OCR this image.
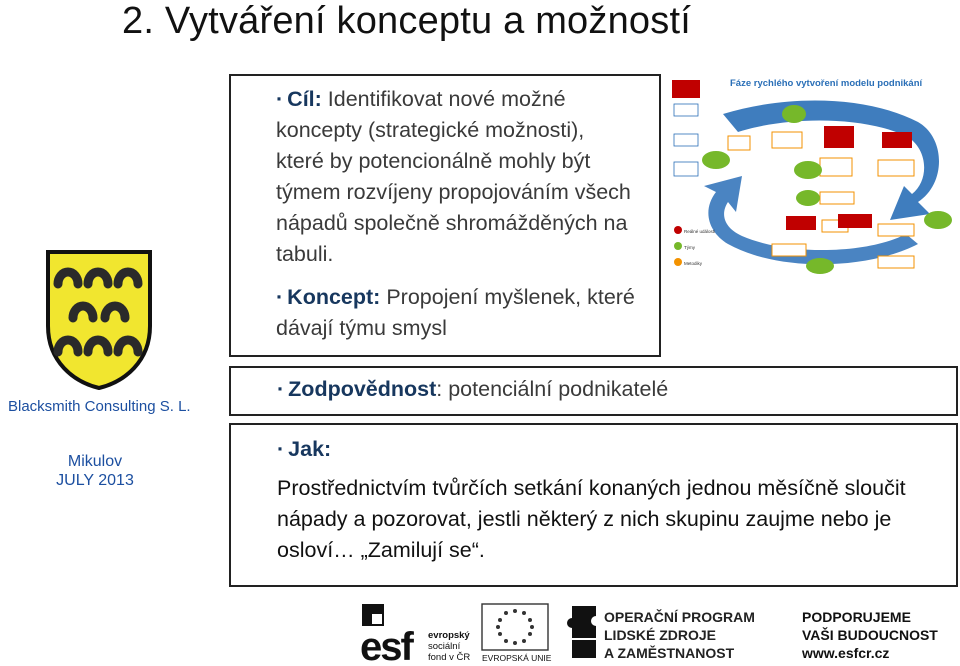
2. Vytváření konceptu a možností
Blacksmith Consulting S. L.
Mikulov
JULY 2013
· Cíl: Identifikovat nové možné koncepty (strategické možnosti), které by potencionálně mohly být týmem rozvíjeny propojováním všech nápadů společně shromážděných na tabuli.
· Koncept: Propojení myšlenek, které dávají týmu smysl
Fáze rychlého vytvoření modelu podnikání
Reálné události
Týmy
Metodiky
· Zodpovědnost: potenciální podnikatelé
· Jak:
Prostřednictvím tvůrčích setkání konaných jednou měsíčně sloučit nápady a pozorovat, jestli některý z nich skupinu zaujme nebo je osloví… „Zamilují se“.
esf evropský
sociální
fond v ČR EVROPSKÁ UNIE
OPERAČNÍ PROGRAM
LIDSKÉ ZDROJE
A ZAMĚSTNANOST
PODPORUJEME
VAŠI BUDOUCNOST
www.esfcr.cz
